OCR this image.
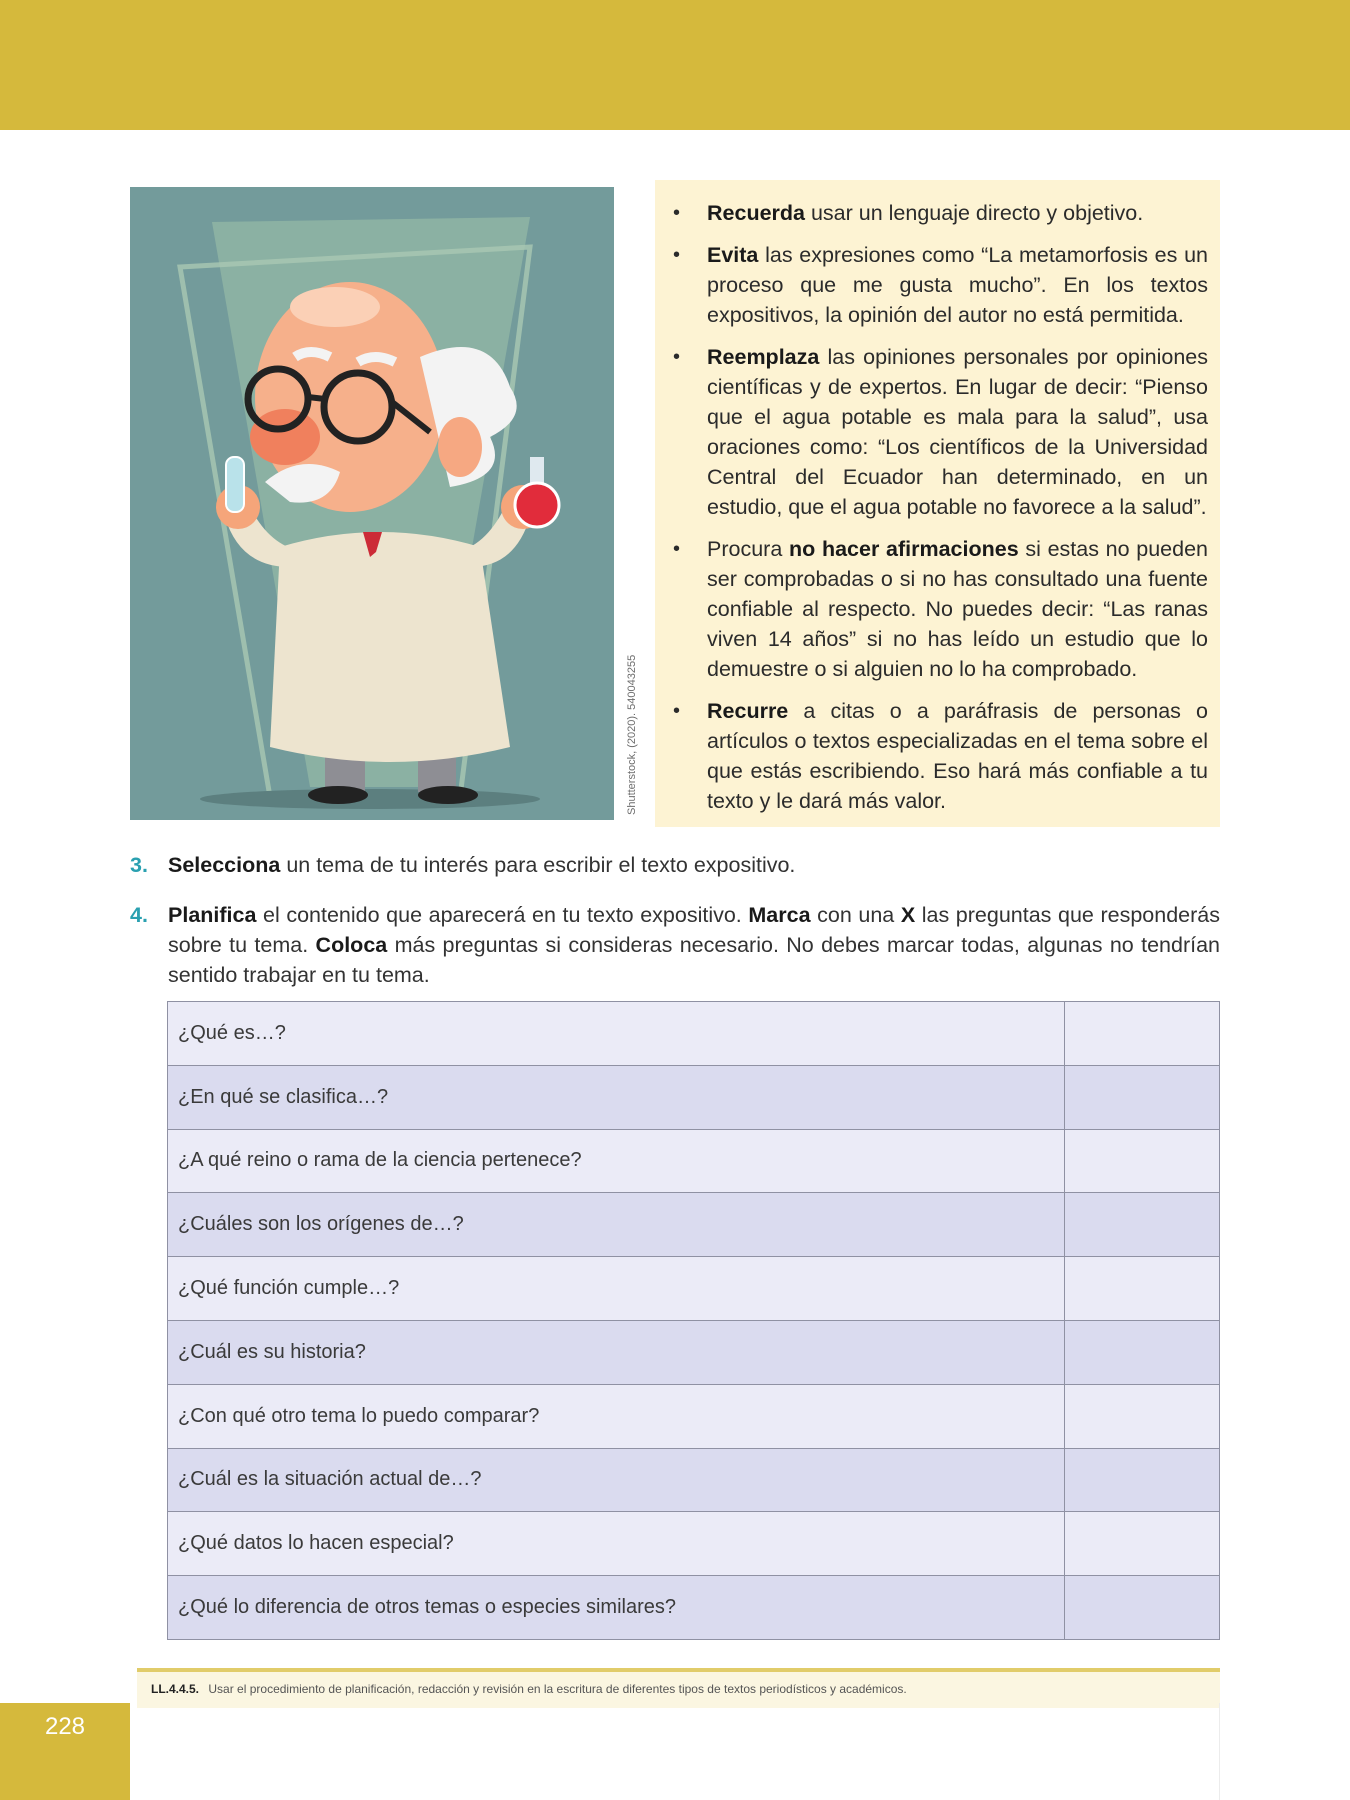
Shutterstock, (2020). 540043255
• Recuerda usar un lenguaje directo y objetivo.
• Evita las expresiones como “La metamorfosis es un proceso que me gusta mucho”. En los textos expositivos, la opinión del autor no está permitida.
• Reemplaza las opiniones personales por opiniones científicas y de expertos. En lugar de decir: “Pienso que el agua potable es mala para la salud”, usa oraciones como: “Los científicos de la Universidad Central del Ecuador han determinado, en un estudio, que el agua potable no favorece a la salud”.
• Procura no hacer afirmaciones si estas no pueden ser comprobadas o si no has consultado una fuente confiable al respecto. No puedes decir: “Las ranas viven 14 años” si no has leído un estudio que lo demuestre o si alguien no lo ha comprobado.
• Recurre a citas o a paráfrasis de personas o artículos o textos especializadas en el tema sobre el que estás escribiendo. Eso hará más confiable a tu texto y le dará más valor.
3. Selecciona un tema de tu interés para escribir el texto expositivo.
4. Planifica el contenido que aparecerá en tu texto expositivo. Marca con una X las preguntas que responderás sobre tu tema. Coloca más preguntas si consideras necesario. No debes marcar todas, algunas no tendrían sentido trabajar en tu tema.
¿Qué es…?	
¿En qué se clasifica…?	
¿A qué reino o rama de la ciencia pertenece?	
¿Cuáles son los orígenes de…?	
¿Qué función cumple…?	
¿Cuál es su historia?	
¿Con qué otro tema lo puedo comparar?	
¿Cuál es la situación actual de…?	
¿Qué datos lo hacen especial?	
¿Qué lo diferencia de otros temas o especies similares?	
LL.4.4.5. Usar el procedimiento de planificación, redacción y revisión en la escritura de diferentes tipos de textos periodísticos y académicos.
228
